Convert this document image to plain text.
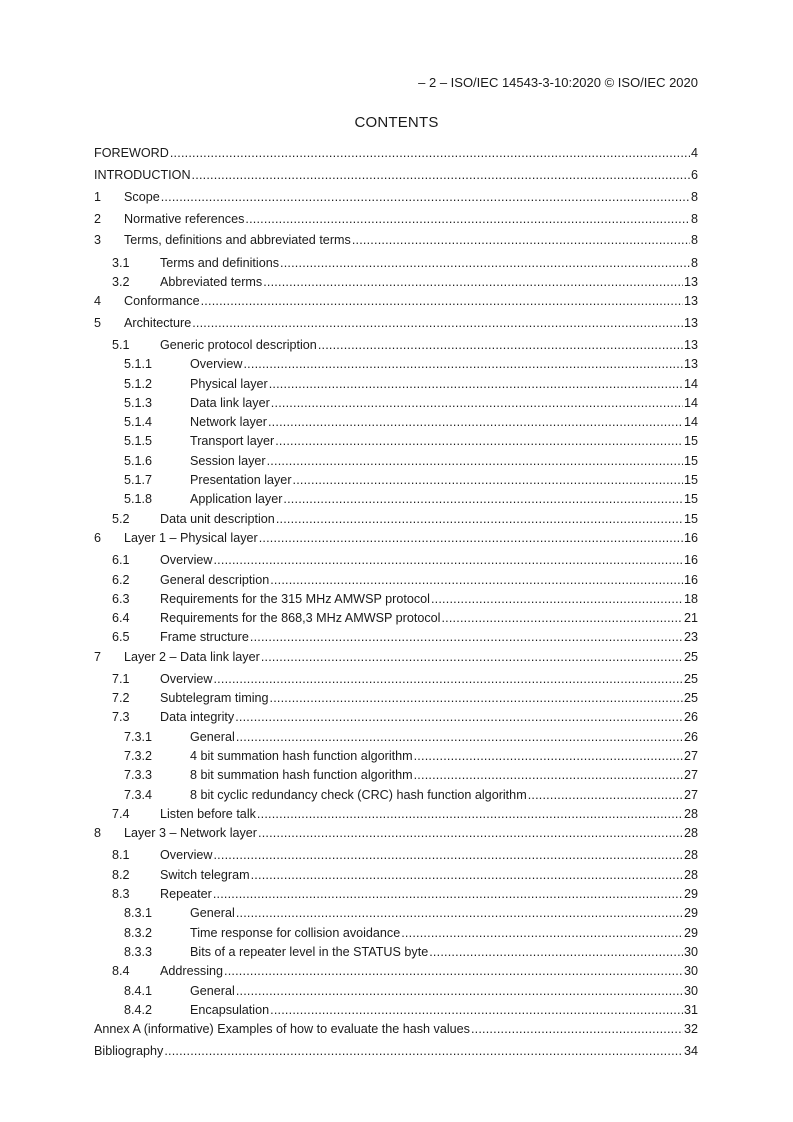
– 2 – ISO/IEC 14543-3-10:2020 © ISO/IEC 2020
CONTENTS
FOREWORD .....	4
INTRODUCTION .....	6
1 Scope .....	8
2 Normative references .....	8
3 Terms, definitions and abbreviated terms .....	8
3.1 Terms and definitions .....	8
3.2 Abbreviated terms .....	13
4 Conformance .....	13
5 Architecture .....	13
5.1 Generic protocol description .....	13
5.1.1	Overview .....	13
5.1.2	Physical layer .....	14
5.1.3	Data link layer .....	14
5.1.4	Network layer .....	14
5.1.5	Transport layer .....	15
5.1.6	Session layer .....	15
5.1.7	Presentation layer .....	15
5.1.8	Application layer .....	15
5.2 Data unit description .....	15
6 Layer 1 – Physical layer .....	16
6.1 Overview .....	16
6.2 General description .....	16
6.3 Requirements for the 315 MHz AMWSP protocol .....	18
6.4 Requirements for the 868,3 MHz AMWSP protocol .....	21
6.5 Frame structure .....	23
7 Layer 2 – Data link layer .....	25
7.1 Overview .....	25
7.2 Subtelegram timing .....	25
7.3 Data integrity .....	26
7.3.1	General .....	26
7.3.2	4 bit summation hash function algorithm .....	27
7.3.3	8 bit summation hash function algorithm .....	27
7.3.4	8 bit cyclic redundancy check (CRC) hash function algorithm .....	27
7.4 Listen before talk .....	28
8 Layer 3 – Network layer .....	28
8.1 Overview .....	28
8.2 Switch telegram .....	28
8.3 Repeater .....	29
8.3.1	General .....	29
8.3.2	Time response for collision avoidance .....	29
8.3.3	Bits of a repeater level in the STATUS byte .....	30
8.4 Addressing .....	30
8.4.1	General .....	30
8.4.2	Encapsulation .....	31
Annex A (informative) Examples of how to evaluate the hash values .....	32
Bibliography .....	34
